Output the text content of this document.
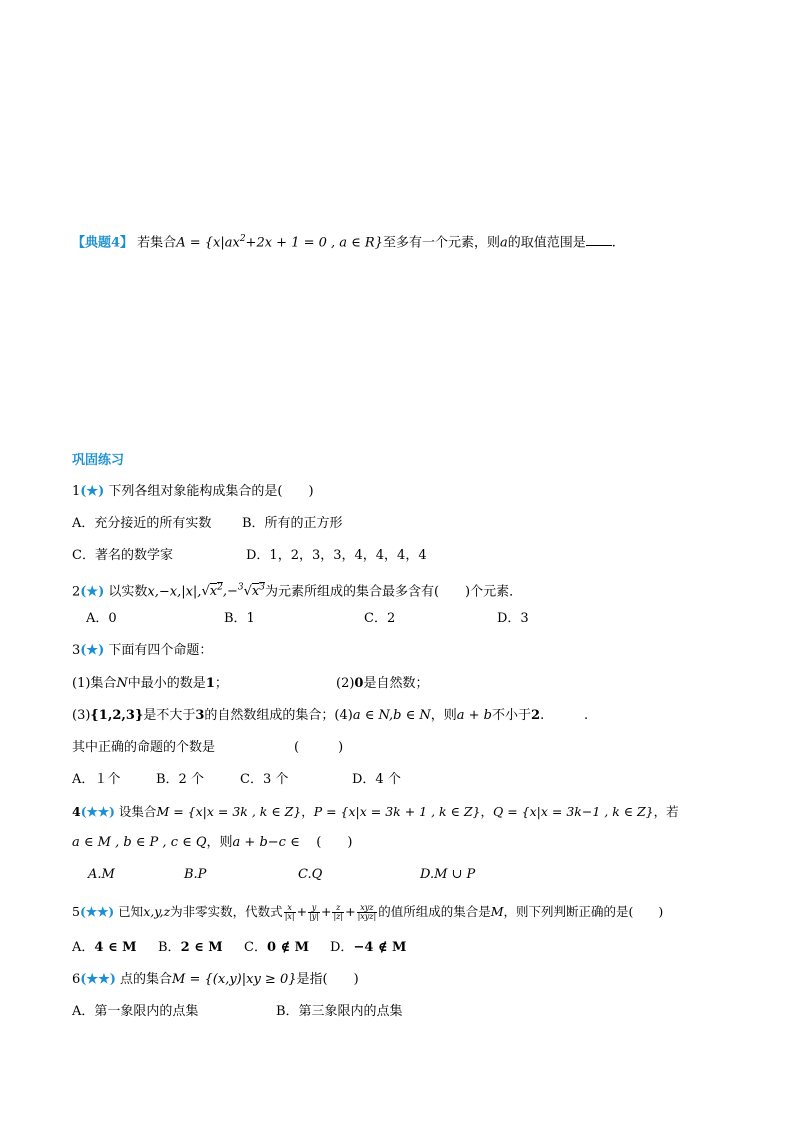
【典题4】 若集合$A = \{x|ax^2+2x + 1 = 0$ , a ∈ R}至多有一个元素，则a的取值范围是 .
巩固练习
1(★) 下列各组对象能构成集合的是(　　)
A．充分接近的所有实数 B．所有的正方形
C．著名的数学家	D．1，2，3，3，4，4，4，4
2(★) 以实数$x,-x,|x|,√x^2,-^3√x^3$为元素所组成的集合最多含有(　　)个元素．
A．0	B．1	C．2	D．3
3(★) 下面有四个命题：
(1)集合N中最小的数是1；	(2)0是自然数；
(3){1,2,3}是不大于3的自然数组成的集合；(4)a ∈ N,b ∈ N，则a + b不小于2.	.
其中正确的命题的个数是	(　　　)
A．１个	B．2 个	C．3 个	D．4 个
4(★★) 设集合M = {x|x = 3k , k ∈ Z}，P = {x|x = 3k + 1 , k ∈ Z}，Q = {x|x = 3k−1 , k ∈ Z}，若
a ∈ M , b ∈ P , c ∈ Q，则a + b−c ∈ (　　)
A.M	B.P	C.Q	D.M ∪ P
5(★★) 已知x,y,z为非零实数，代数式 $\frac{x}{|x|} + \frac{y}{|y|} + \frac{z}{|z|} + \frac{\text{xyz}}{\text{|xyz|}}$ 的值所组成的集合是M，则下列判断正确的是(　　)
A．4 ∈ M B．2 ∈ M C．0 ∉ M D．−4 ∉ M
6(★★) 点的集合M = {(x,y)|xy ≥ 0}是指(　　)
A．第一象限内的点集	B．第三象限内的点集
